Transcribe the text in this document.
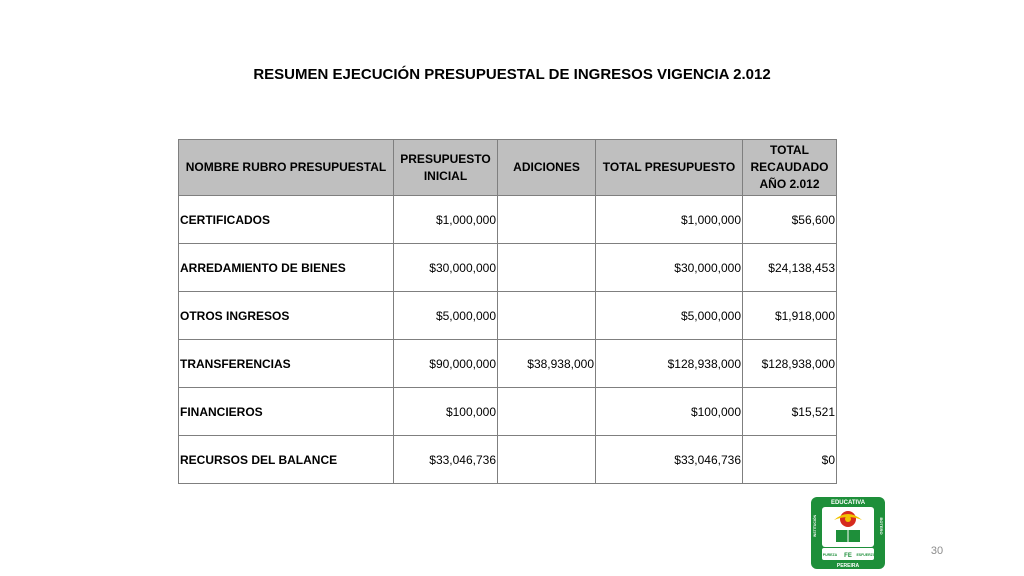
RESUMEN EJECUCIÓN PRESUPUESTAL DE INGRESOS VIGENCIA 2.012
NOMBRE RUBRO PRESUPUESTAL	PRESUPUESTO INICIAL	ADICIONES	TOTAL PRESUPUESTO	TOTAL RECAUDADO AÑO 2.012
CERTIFICADOS	$1,000,000		$1,000,000	$56,600
ARREDAMIENTO DE BIENES	$30,000,000		$30,000,000	$24,138,453
OTROS INGRESOS	$5,000,000		$5,000,000	$1,918,000
TRANSFERENCIAS	$90,000,000	$38,938,000	$128,938,000	$128,938,000
FINANCIEROS	$100,000		$100,000	$15,521
RECURSOS DEL BALANCE	$33,046,736		$33,046,736	$0
EDUCATIVA
INSTITUCIÓN	BOTERO
PUREZA	ESFUERZO
FE
PEREIRA
30
